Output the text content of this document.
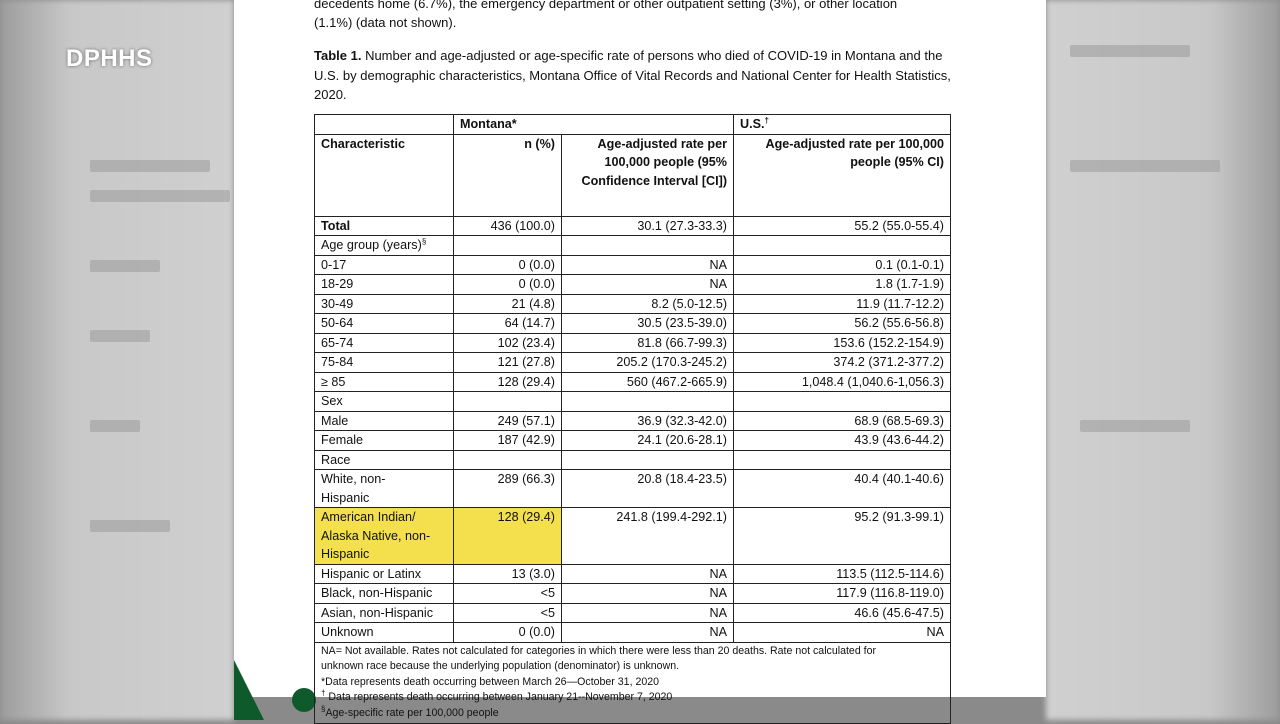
DPHHS
decedents home (6.7%), the emergency department or other outpatient setting (3%), or other location
(1.1%) (data not shown).
Table 1. Number and age-adjusted or age-specific rate of persons who died of COVID-19 in Montana and the U.S. by demographic characteristics, Montana Office of Vital Records and National Center for Health Statistics, 2020.
	Montana*		U.S.†
Characteristic	n (%)	Age-adjusted rate per 100,000 people (95% Confidence Interval [CI])	Age-adjusted rate per 100,000 people (95% CI)
Total	436 (100.0)	30.1 (27.3-33.3)	55.2 (55.0-55.4)
Age group (years)§			
0-17	0 (0.0)	NA	0.1 (0.1-0.1)
18-29	0 (0.0)	NA	1.8 (1.7-1.9)
30-49	21 (4.8)	8.2 (5.0-12.5)	11.9 (11.7-12.2)
50-64	64 (14.7)	30.5 (23.5-39.0)	56.2 (55.6-56.8)
65-74	102 (23.4)	81.8 (66.7-99.3)	153.6 (152.2-154.9)
75-84	121 (27.8)	205.2 (170.3-245.2)	374.2 (371.2-377.2)
≥ 85	128 (29.4)	560 (467.2-665.9)	1,048.4 (1,040.6-1,056.3)
Sex			
Male	249 (57.1)	36.9 (32.3-42.0)	68.9 (68.5-69.3)
Female	187 (42.9)	24.1 (20.6-28.1)	43.9 (43.6-44.2)
Race			
White, non-Hispanic	289 (66.3)	20.8 (18.4-23.5)	40.4 (40.1-40.6)
American Indian/ Alaska Native, non-Hispanic	128 (29.4)	241.8 (199.4-292.1)	95.2 (91.3-99.1)
Hispanic or Latinx	13 (3.0)	NA	113.5 (112.5-114.6)
Black, non-Hispanic	<5	NA	117.9 (116.8-119.0)
Asian, non-Hispanic	<5	NA	46.6 (45.6-47.5)
Unknown	0 (0.0)	NA	NA

NA= Not available. Rates not calculated for categories in which there were less than 20 deaths. Rate not calculated for
unknown race because the underlying population (denominator) is unknown.
*Data represents death occurring between March 26—October 31, 2020
† Data represents death occurring between January 21--November 7, 2020
§Age-specific rate per 100,000 people			
